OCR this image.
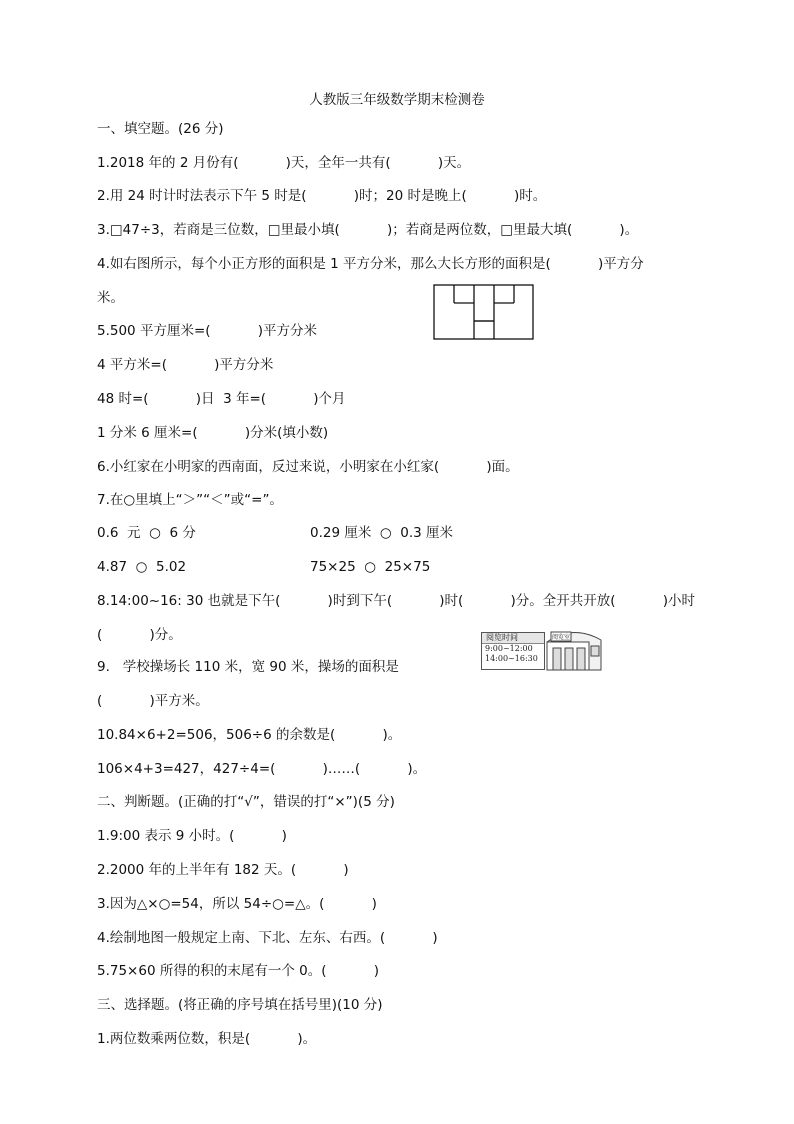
人教版三年级数学期末检测卷
一、填空题。(26 分)
1.2018 年的 2 月份有(           )天，全年一共有(           )天。
2.用 24 时计时法表示下午 5 时是(           )时；20 时是晚上(           )时。
3.□47÷3，若商是三位数，□里最小填(           )；若商是两位数，□里最大填(           )。
4.如右图所示，每个小正方形的面积是 1 平方分米，那么大长方形的面积是(           )平方分
米。
5.500 平方厘米=(           )平方分米
4 平方米=(           )平方分米
48 时=(           )日  3 年=(           )个月
1 分米 6 厘米=(           )分米(填小数)
6.小红家在小明家的西南面，反过来说，小明家在小红家(           )面。
7.在○里填上“＞”“＜”或“=”。
0.6  元  ○  6 分	0.29 厘米  ○  0.3 厘米
4.87  ○  5.02	75×25  ○  25×75
8.14:00~16: 30 也就是下午(           )时到下午(           )时(           )分。全开共开放(           )小时
(           )分。	阅览时间
9:00~12:00
14:00~16:30
阅览室
9.   学校操场长 110 米，宽 90 米，操场的面积是
(           )平方米。
10.84×6+2=506，506÷6 的余数是(           )。
106×4+3=427，427÷4=(           )……(           )。
二、判断题。(正确的打“√”，错误的打“×”)(5 分)
1.9:00 表示 9 小时。(           )
2.2000 年的上半年有 182 天。(           )
3.因为△×○=54，所以 54÷○=△。(           )
4.绘制地图一般规定上南、下北、左东、右西。(           )
5.75×60 所得的积的末尾有一个 0。(           )
三、选择题。(将正确的序号填在括号里)(10 分)
1.两位数乘两位数，积是(           )。
